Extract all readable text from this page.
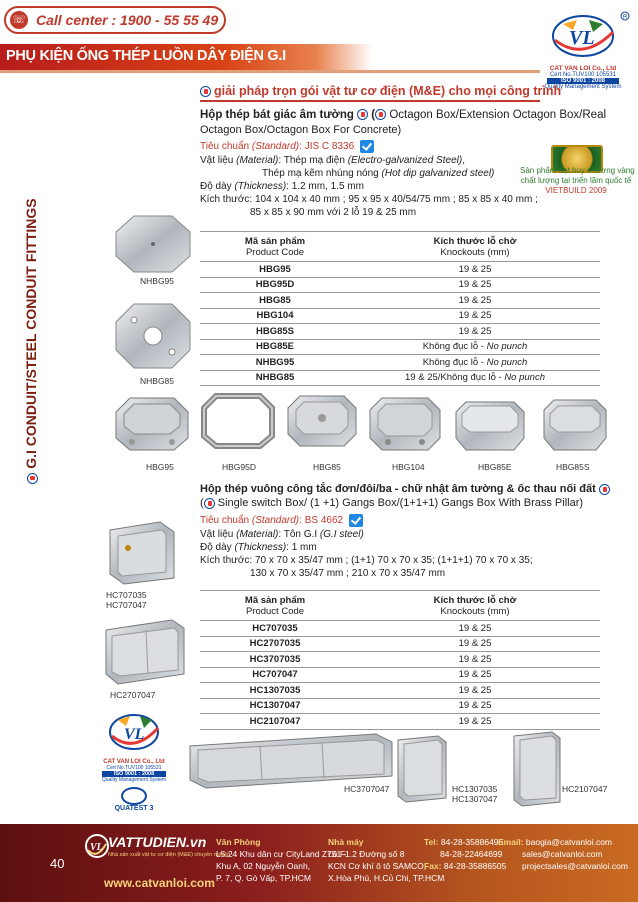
☏ Call center : 1900 - 55 55 49
PHỤ KIỆN ỐNG THÉP LUỒN DÂY ĐIỆN G.I
VL
R
CAT VAN LOI Co., Ltd
Cert No.TUV100 105531
ISO 9001 : 2008
Quality Management System
G.I CONDUIT/STEEL CONDUIT FITTINGS
giải pháp trọn gói vật tư cơ điện (M&E) cho mọi công trình
Hộp thép bát giác âm tường  ( Octagon Box/Extension Octagon Box/Real
Octagon Box/Octagon Box For Concrete)
Tiêu chuẩn (Standard): JIS C 8336
Vật liệu (Material): Thép mạ điện (Electro-galvanized Steel),
Thép mạ kẽm nhúng nóng (Hot dip galvanized steel)
Độ dày (Thickness): 1.2 mm, 1.5 mm
Kích thước: 104 x 104 x 40 mm ; 95 x 95 x 40/54/75 mm ; 85 x 85 x 40 mm ;
85 x 85 x 90 mm với 2 lỗ 19 & 25 mm
Sản phẩm đạt huy chương vàng
chất lượng tại triển lãm quốc tế
VIETBUILD 2009
Mã sản phẩm
Product Code	Kích thước lỗ chờ
Knockouts (mm)
HBG95	19 & 25
HBG95D	19 & 25
HBG85	19 & 25
HBG104	19 & 25
HBG85S	19 & 25
HBG85E	Không đục lỗ - No punch
NHBG95	Không đục lỗ - No punch
NHBG85	19 & 25/Không đục lỗ - No punch
NHBG95
NHBG85
HBG95	HBG95D	HBG85	HBG104	HBG85E	HBG85S
Hộp thép vuông công tắc đơn/đôi/ba - chữ nhật âm tường & ốc thau nối đất
( Single switch Box/ (1 +1) Gangs Box/(1+1+1) Gangs Box With Brass Pillar)
Tiêu chuẩn (Standard): BS 4662
Vật liệu (Material): Tôn G.I (G.I steel)
Độ dày (Thickness): 1 mm
Kích thước: 70 x 70 x 35/47 mm ; (1+1) 70 x 70 x 35; (1+1+1) 70 x 70 x 35;
130 x 70 x 35/47 mm ; 210 x 70 x 35/47 mm
Mã sản phẩm
Product Code	Kích thước lỗ chờ
Knockouts (mm)
HC707035	19 & 25
HC2707035	19 & 25
HC3707035	19 & 25
HC707047	19 & 25
HC1307035	19 & 25
HC1307047	19 & 25
HC2107047	19 & 25
HC707035
HC707047
HC2707047
HC3707047	HC1307035
HC1307047
HC2107047
VL
CAT VAN LOI Co., Ltd
Cert No.TUV100 105531
ISO 9001 : 2008
Quality Management System
QUATEST 3
40
VL VATTUDIEN.vn
Nhà sản xuất vật tư cơ điện (M&E) chuyên nghiệp
www.catvanloi.com
Văn Phòng
L5.24 Khu dân cư CityLand Z751 -
Khu A, 02 Nguyễn Oanh,
P. 7, Q. Gò Vấp, TP.HCM
Nhà máy
Lô F1.2 Đường số 8
KCN Cơ khí ô tô SAMCO,
X.Hòa Phú, H.Củ Chi, TP.HCM
Tel: 84-28-35886496
84-28-22464699
Fax: 84-28-35886505
Email: baogia@catvanloi.com
sales@catvanloi.com
projectsales@catvanloi.com
